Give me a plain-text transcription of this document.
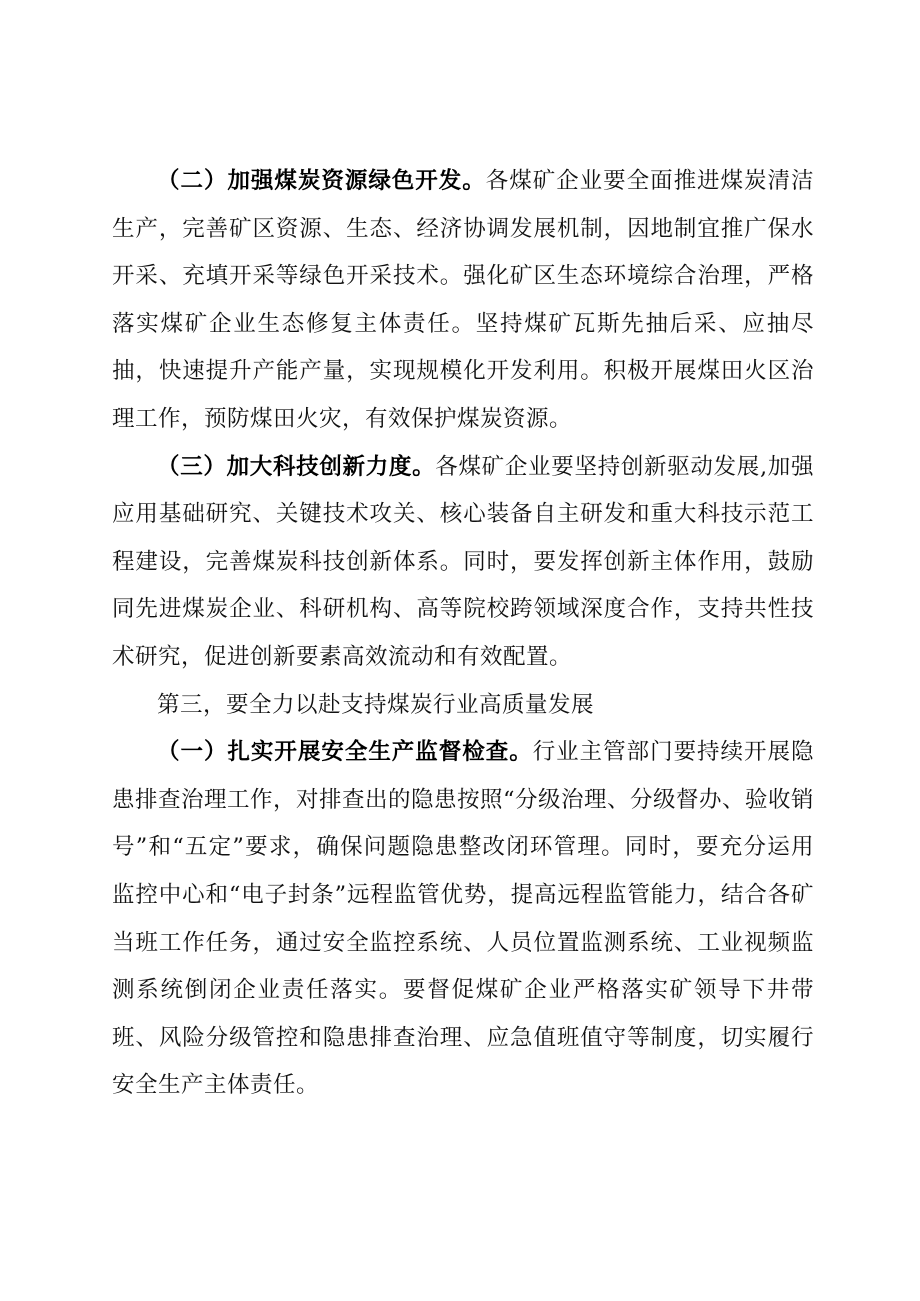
（二）加强煤炭资源绿色开发。各煤矿企业要全面推进煤炭清洁生产，完善矿区资源、生态、经济协调发展机制，因地制宜推广保水开采、充填开采等绿色开采技术。强化矿区生态环境综合治理，严格落实煤矿企业生态修复主体责任。坚持煤矿瓦斯先抽后采、应抽尽抽，快速提升产能产量，实现规模化开发利用。积极开展煤田火区治理工作，预防煤田火灾，有效保护煤炭资源。

（三）加大科技创新力度。各煤矿企业要坚持创新驱动发展,加强应用基础研究、关键技术攻关、核心装备自主研发和重大科技示范工程建设，完善煤炭科技创新体系。同时，要发挥创新主体作用，鼓励同先进煤炭企业、科研机构、高等院校跨领域深度合作，支持共性技术研究，促进创新要素高效流动和有效配置。

第三，要全力以赴支持煤炭行业高质量发展

（一）扎实开展安全生产监督检查。行业主管部门要持续开展隐患排查治理工作，对排查出的隐患按照“分级治理、分级督办、验收销号”和“五定”要求，确保问题隐患整改闭环管理。同时，要充分运用监控中心和“电子封条”远程监管优势，提高远程监管能力，结合各矿当班工作任务，通过安全监控系统、人员位置监测系统、工业视频监测系统倒闭企业责任落实。要督促煤矿企业严格落实矿领导下井带班、风险分级管控和隐患排查治理、应急值班值守等制度，切实履行安全生产主体责任。
